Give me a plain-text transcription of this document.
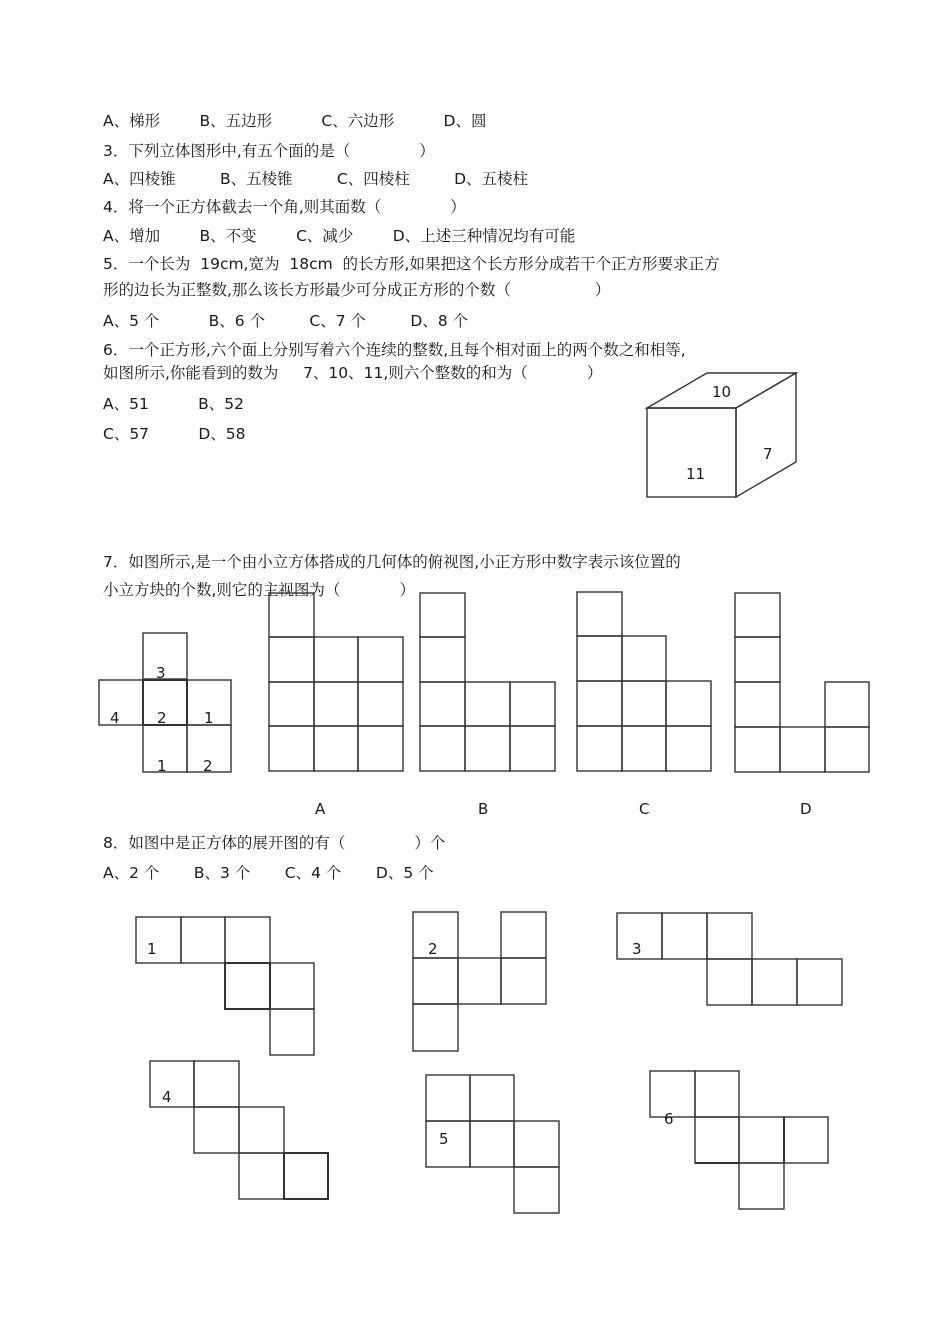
A、梯形        B、五边形          C、六边形          D、圆
3．下列立体图形中,有五个面的是（              ）
A、四棱锥         B、五棱锥         C、四棱柱         D、五棱柱
4．将一个正方体截去一个角,则其面数（              ）
A、增加        B、不变        C、减少        D、上述三种情况均有可能
5．一个长为  19cm,宽为  18cm  的长方形,如果把这个长方形分成若干个正方形要求正方
形的边长为正整数,那么该长方形最少可分成正方形的个数（                 ）
A、5 个          B、6 个         C、7 个         D、8 个
6．一个正方形,六个面上分别写着六个连续的整数,且每个相对面上的两个数之和相等,
如图所示,你能看到的数为     7、10、11,则六个整数的和为（            ）
A、51          B、52
C、57          D、58
7．如图所示,是一个由小立方体搭成的几何体的俯视图,小正方形中数字表示该位置的
小立方块的个数,则它的主视图为（            ）
8．如图中是正方体的展开图的有（              ）个
A、2 个       B、3 个       C、4 个       D、5 个
10
7
11
3
4 2 1
1 2
A	B	C	D
1	2	3
4
5
6
